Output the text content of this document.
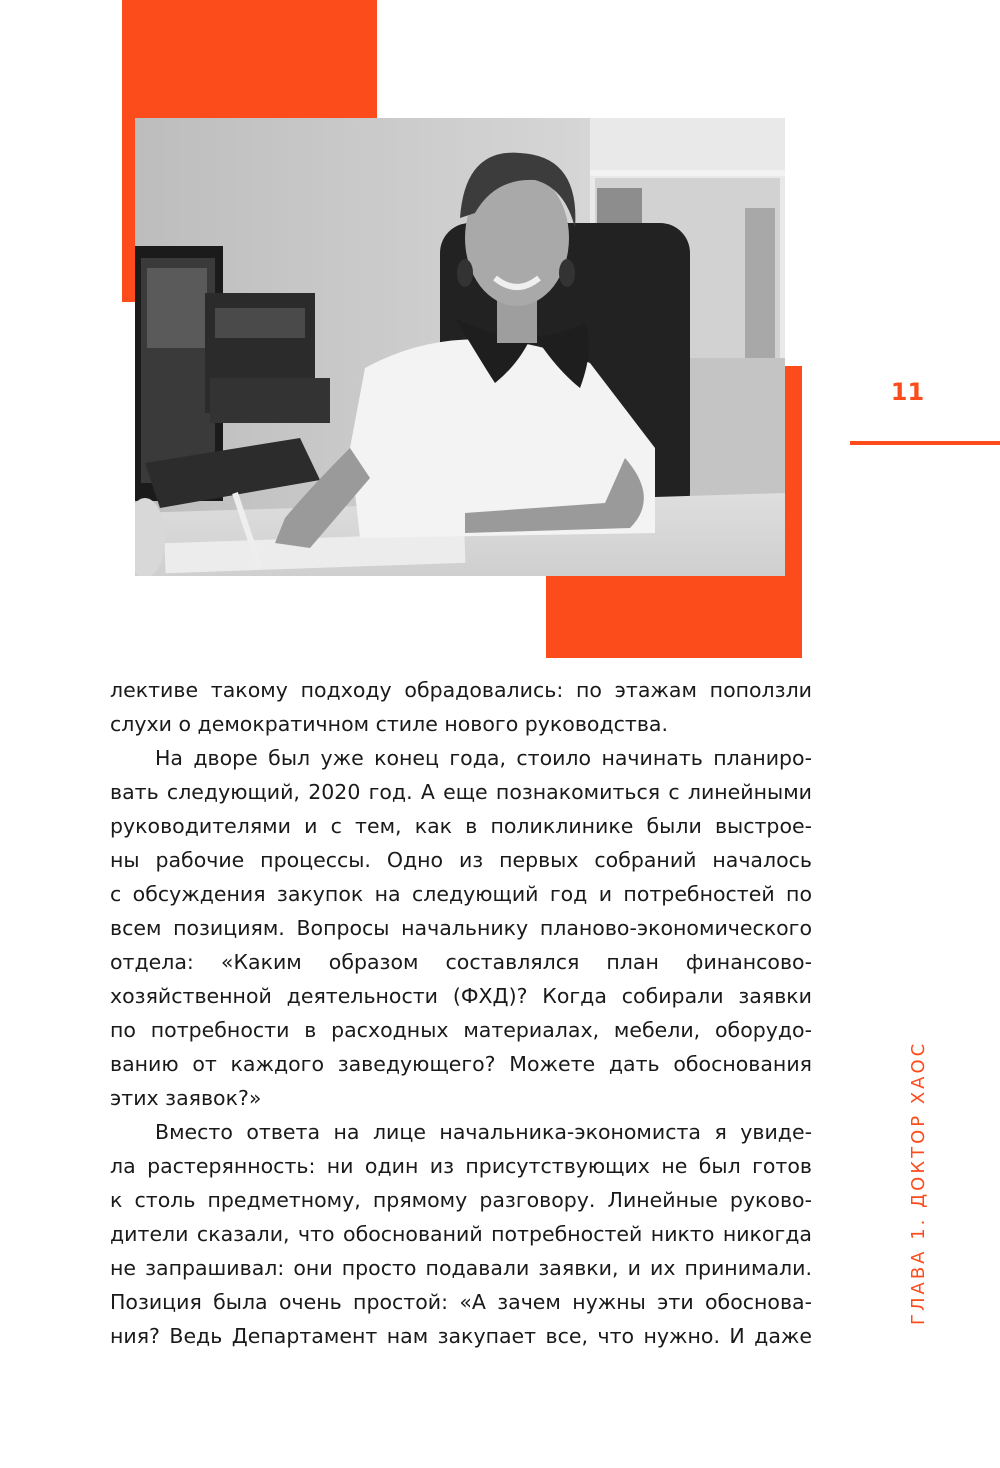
11
ГЛАВА 1. ДОКТОР ХАОС
лективе такому подходу обрадовались: по этажам поползли
слухи о демократичном стиле нового руководства.
На дворе был уже конец года, стоило начинать планиро-
вать следующий, 2020 год. А еще познакомиться с линейными
руководителями и с тем, как в поликлинике были выстрое-
ны рабочие процессы. Одно из первых собраний началось
с обсуждения закупок на следующий год и потребностей по
всем позициям. Вопросы начальнику планово-экономического
отдела: «Каким образом составлялся план финансово-
хозяйственной деятельности (ФХД)? Когда собирали заявки
по потребности в расходных материалах, мебели, оборудо-
ванию от каждого заведующего? Можете дать обоснования
этих заявок?»
Вместо ответа на лице начальника-экономиста я увиде-
ла растерянность: ни один из присутствующих не был готов
к столь предметному, прямому разговору. Линейные руково-
дители сказали, что обоснований потребностей никто никогда
не запрашивал: они просто подавали заявки, и их принимали.
Позиция была очень простой: «А зачем нужны эти обоснова-
ния? Ведь Департамент нам закупает все, что нужно. И даже
